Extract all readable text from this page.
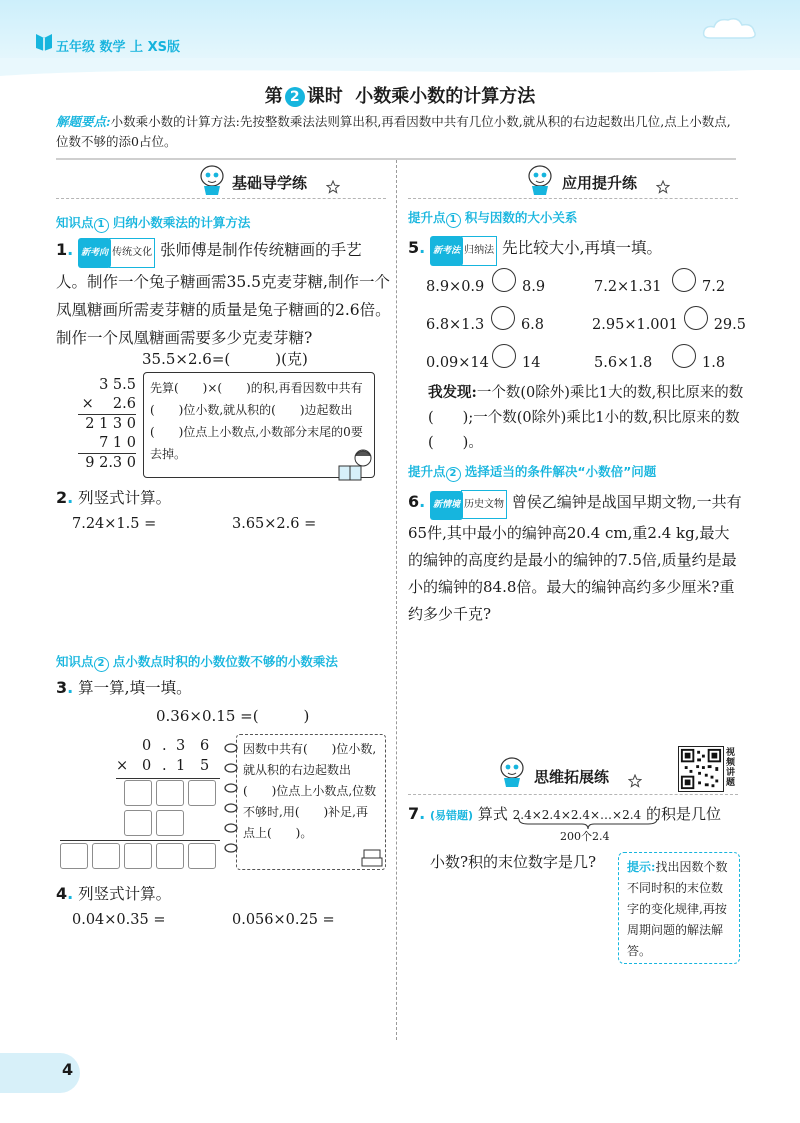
五年级 数学 上 XS版
第 2 课时 小数乘小数的计算方法
解题要点:小数乘小数的计算方法:先按整数乘法法则算出积,再看因数中共有几位小数,就从积的右边起数出几位,点上小数点,位数不够的添0占位。
基础导学练
知识点 1 归纳小数乘法的计算方法
1. 新考向 传统文化 张师傅是制作传统糖画的手艺人。制作一个兔子糖画需35.5克麦芽糖,制作一个凤凰糖画所需麦芽糖的质量是兔子糖画的2.6倍。制作一个凤凰糖画需要多少克麦芽糖?
35.5×2.6=(　　　)(克)
3 5.5
× 　2.6
2 1 3 0
7 1 0
9 2.3 0
先算(　　)×(　　)的积,再看因数中共有(　　)位小数,就从积的(　　)边起数出(　　)位点上小数点,小数部分末尾的0要去掉。
2. 列竖式计算。
7.24×1.5 =	3.65×2.6 =
知识点 2 点小数点时积的小数位数不够的小数乘法
3. 算一算,填一填。
0.36×0.15 =(　　　)
0 . 3 6
× 0 . 1 5
因数中共有(　　)位小数,就从积的右边起数出(　　)位点上小数点,位数不够时,用(　　)补足,再点上(　　)。
4. 列竖式计算。
0.04×0.35 =	0.056×0.25 =
应用提升练
提升点 1 积与因数的大小关系
5. 新考法 归纳法 先比较大小,再填一填。
8.9×0.9	8.9	7.2×1.31	7.2
6.8×1.3	6.8	2.95×1.001 29.5
0.09×14 14	5.6×1.8	1.8
我发现:一个数(0除外)乘比1大的数,积比原来的数(　　);一个数(0除外)乘比1小的数,积比原来的数(　　)。
提升点 2 选择适当的条件解决“小数倍”问题
6. 新情境 历史文物 曾侯乙编钟是战国早期文物,一共有65件,其中最小的编钟高20.4 cm,重2.4 kg,最大的编钟的高度约是最小的编钟的7.5倍,质量约是最小的编钟的84.8倍。最大的编钟高约多少厘米?重约多少千克?
思维拓展练
视频讲题
7. (易错题) 算式 2.4×2.4×2.4×…×2.4 的积是几位
200个2.4
小数?积的末位数字是几?	提示:找出因数个数不同时积的末位数字的变化规律,再按周期问题的解法解答。
4
